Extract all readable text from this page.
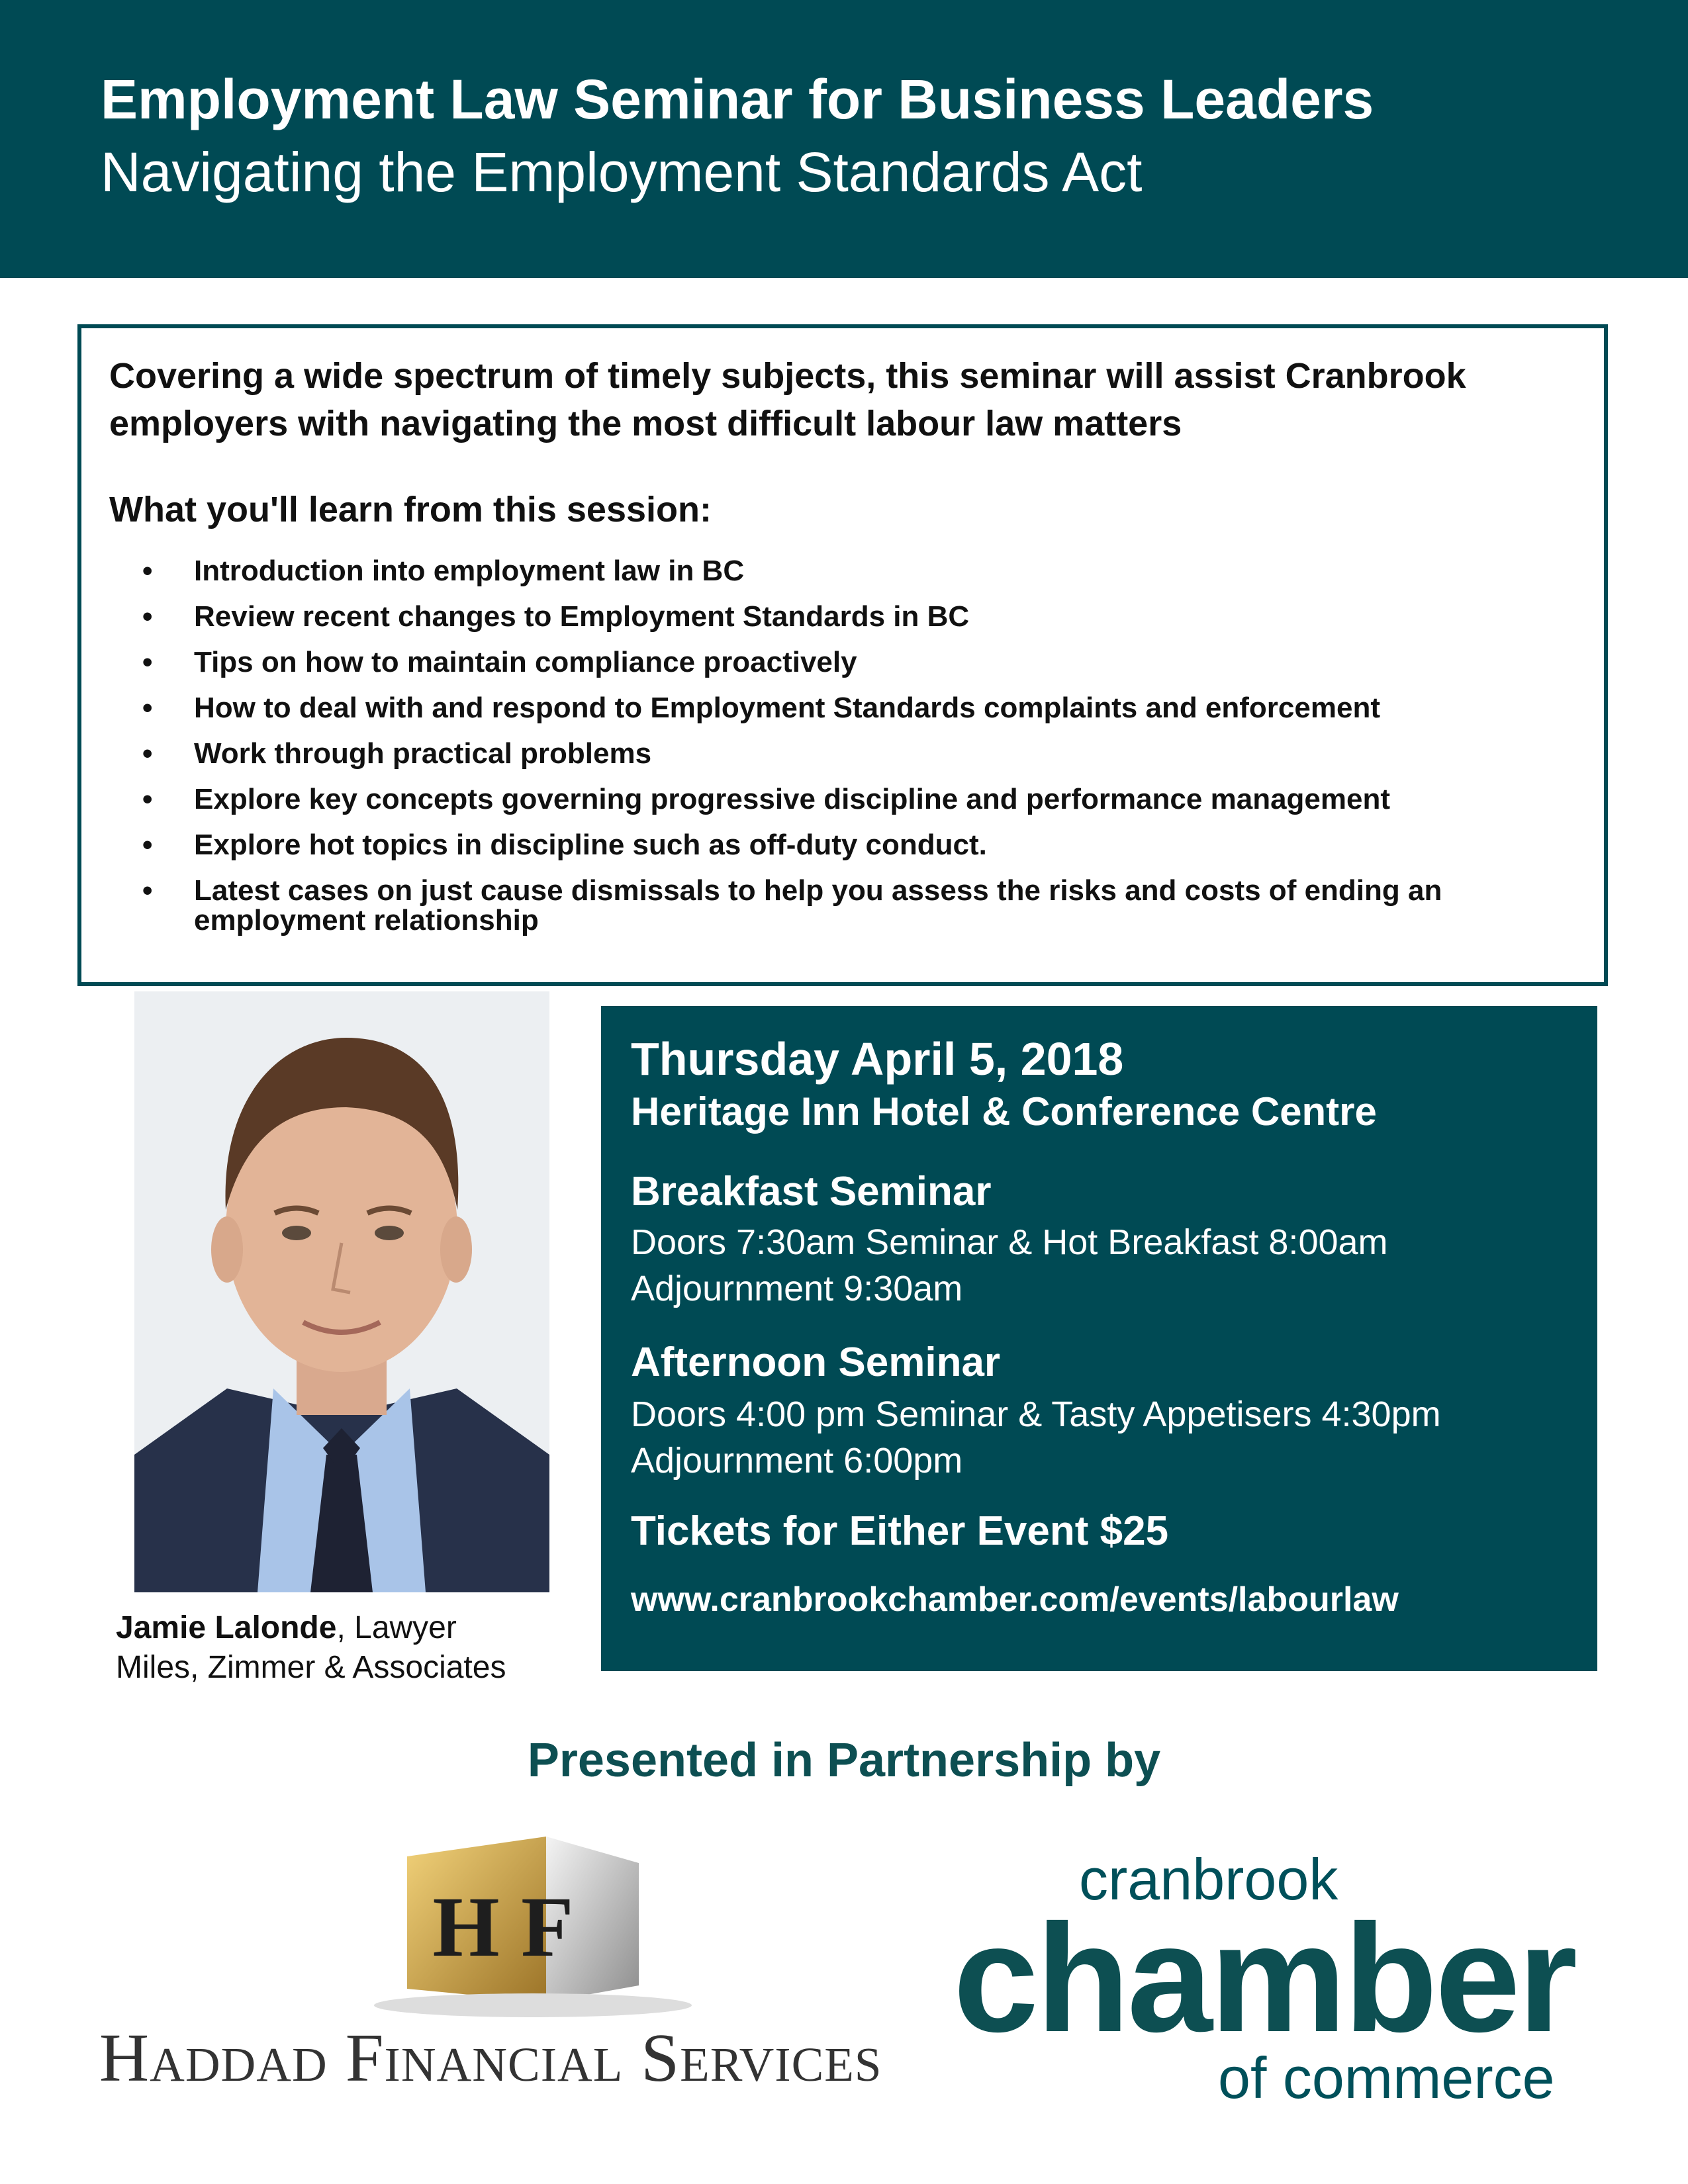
Employment Law Seminar for Business Leaders
Navigating the Employment Standards Act
Covering a wide spectrum of timely subjects, this seminar will assist Cranbrook employers with navigating the most difficult labour law matters
What you'll learn from this session:
• Introduction into employment law in BC
• Review recent changes to Employment Standards in BC
• Tips on how to maintain compliance proactively
• How to deal with and respond to Employment Standards complaints and enforcement
• Work through practical problems
• Explore key concepts governing progressive discipline and performance management
• Explore hot topics in discipline such as off-duty conduct.
• Latest cases on just cause dismissals to help you assess the risks and costs of ending an employment relationship
Jamie Lalonde, Lawyer
Miles, Zimmer & Associates
Thursday April 5, 2018
Heritage Inn Hotel & Conference Centre
Breakfast Seminar
Doors 7:30am Seminar & Hot Breakfast 8:00am
Adjournment 9:30am
Afternoon Seminar
Doors 4:00 pm Seminar & Tasty Appetisers 4:30pm
Adjournment 6:00pm
Tickets for Either Event $25
www.cranbrookchamber.com/events/labourlaw
Presented in Partnership by
H F
Haddad Financial Services
cranbrook
chamber
of commerce
